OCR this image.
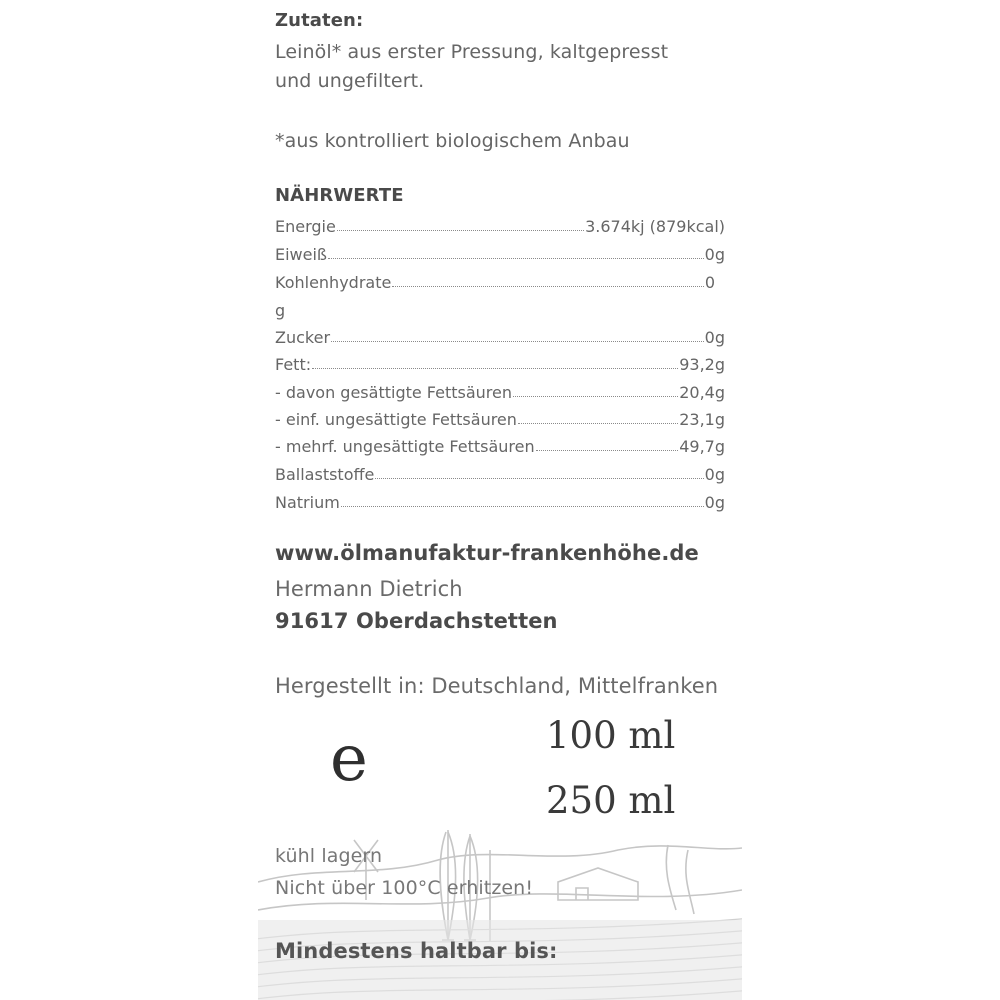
Zutaten:
Leinöl* aus erster Pressung, kaltgepresst
und ungefiltert.
*aus kontrolliert biologischem Anbau
NÄHRWERTE
Energie	3.674kj (879kcal)
Eiweiß	0g
Kohlenhydrate	0
g
Zucker	0g
Fett:	93,2g
- davon gesättigte Fettsäuren	20,4g
- einf. ungesättigte Fettsäuren	23,1g
- mehrf. ungesättigte Fettsäuren	49,7g
Ballaststoffe	0g
Natrium	0g
www.ölmanufaktur-frankenhöhe.de
Hermann Dietrich
91617 Oberdachstetten
Hergestellt in: Deutschland, Mittelfranken
e	100 ml
250 ml
kühl lagern
Nicht über 100°C erhitzen!
Mindestens haltbar bis:
